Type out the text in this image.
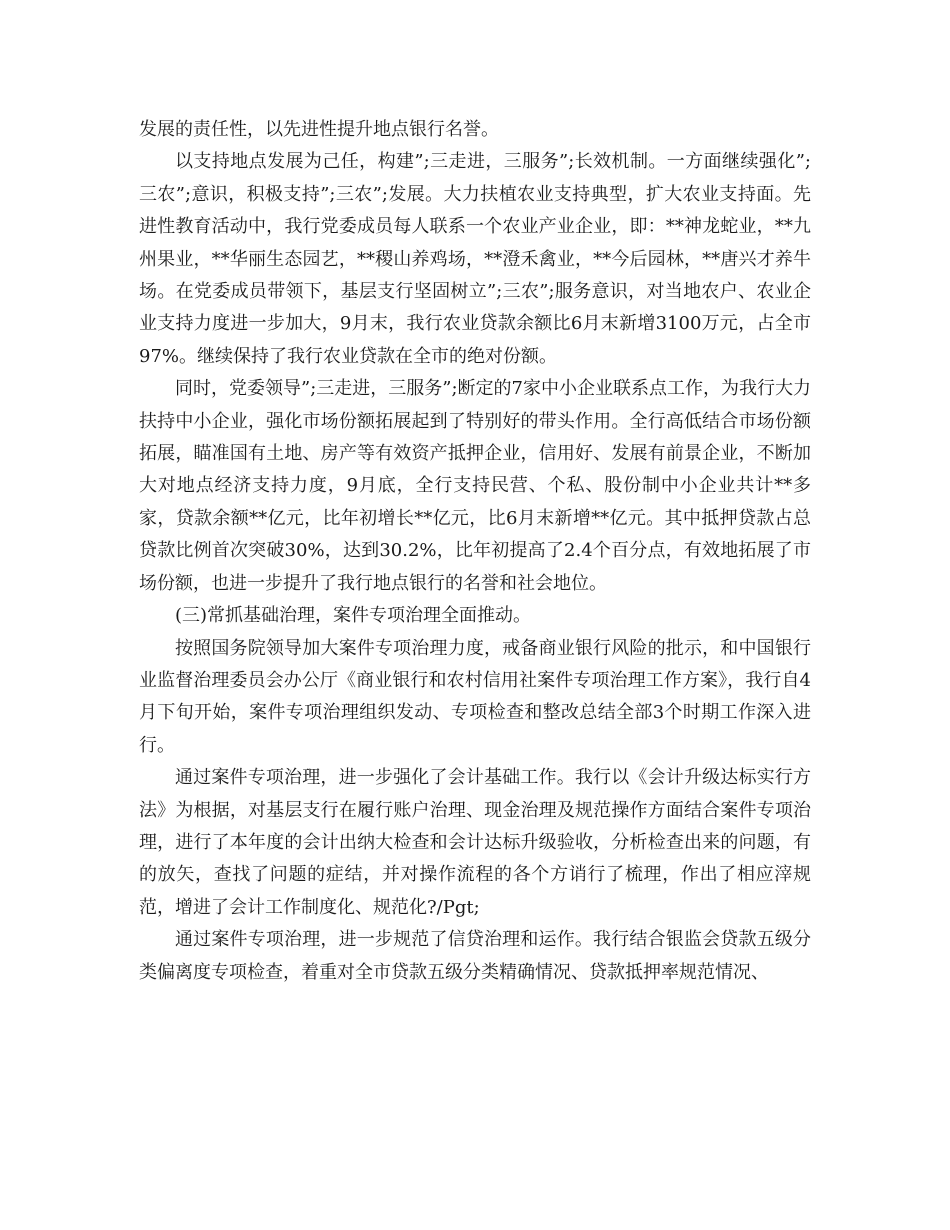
发展的责任性，以先进性提升地点银行名誉。

以支持地点发展为己任，构建”;三走进，三服务”;长效机制。一方面继续强化”;三农”;意识，积极支持”;三农”;发展。大力扶植农业支持典型，扩大农业支持面。先进性教育活动中，我行党委成员每人联系一个农业产业企业，即：**神龙蛇业，**九州果业，**华丽生态园艺，**稷山养鸡场，**澄禾禽业，**今后园林，**唐兴才养牛场。在党委成员带领下，基层支行坚固树立”;三农”;服务意识，对当地农户、农业企业支持力度进一步加大，9月末，我行农业贷款余额比6月末新增3100万元，占全市97%。继续保持了我行农业贷款在全市的绝对份额。

同时，党委领导”;三走进，三服务”;断定的7家中小企业联系点工作，为我行大力扶持中小企业，强化市场份额拓展起到了特别好的带头作用。全行高低结合市场份额拓展，瞄准国有土地、房产等有效资产抵押企业，信用好、发展有前景企业，不断加大对地点经济支持力度，9月底，全行支持民营、个私、股份制中小企业共计**多家，贷款余额**亿元，比年初增长**亿元，比6月末新增**亿元。其中抵押贷款占总贷款比例首次突破30%，达到30.2%，比年初提高了2.4个百分点，有效地拓展了市场份额，也进一步提升了我行地点银行的名誉和社会地位。

(三)常抓基础治理，案件专项治理全面推动。

按照国务院领导加大案件专项治理力度，戒备商业银行风险的批示，和中国银行业监督治理委员会办公厅《商业银行和农村信用社案件专项治理工作方案》，我行自4月下旬开始，案件专项治理组织发动、专项检查和整改总结全部3个时期工作深入进行。

通过案件专项治理，进一步强化了会计基础工作。我行以《会计升级达标实行方法》为根据，对基层支行在履行账户治理、现金治理及规范操作方面结合案件专项治理，进行了本年度的会计出纳大检查和会计达标升级验收，分析检查出来的问题，有的放矢，查找了问题的症结，并对操作流程的各个方诮行了梳理，作出了相应滓规范，增进了会计工作制度化、规范化?/Pgt;

通过案件专项治理，进一步规范了信贷治理和运作。我行结合银监会贷款五级分类偏离度专项检查，着重对全市贷款五级分类精确情况、贷款抵押率规范情况、
